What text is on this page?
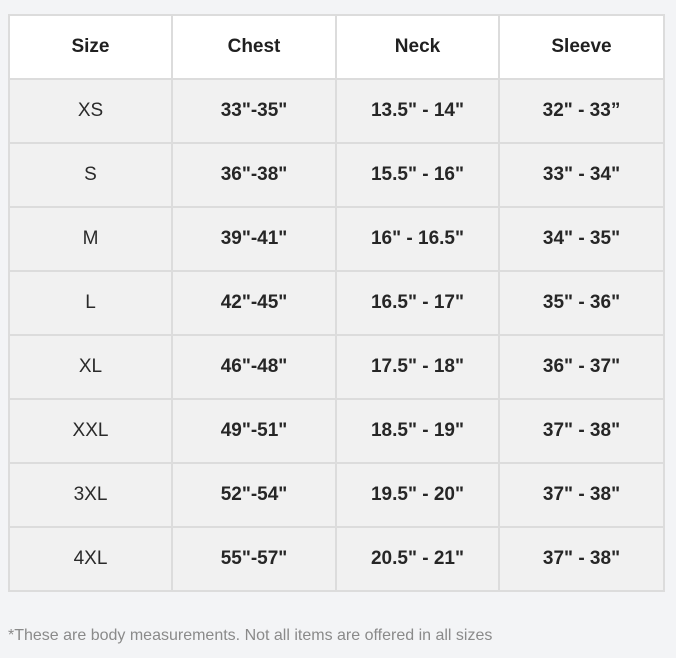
Size	Chest	Neck	Sleeve
XS	33"-35"	13.5" - 14"	32" - 33”
S	36"-38"	15.5" - 16"	33" - 34"
M	39"-41"	16" - 16.5"	34" - 35"
L	42"-45"	16.5" - 17"	35" - 36"
XL	46"-48"	17.5" - 18"	36" - 37"
XXL	49"-51"	18.5" - 19"	37" - 38"
3XL	52"-54"	19.5" - 20"	37" - 38"
4XL	55"-57"	20.5" - 21"	37" - 38"
*These are body measurements. Not all items are offered in all sizes
